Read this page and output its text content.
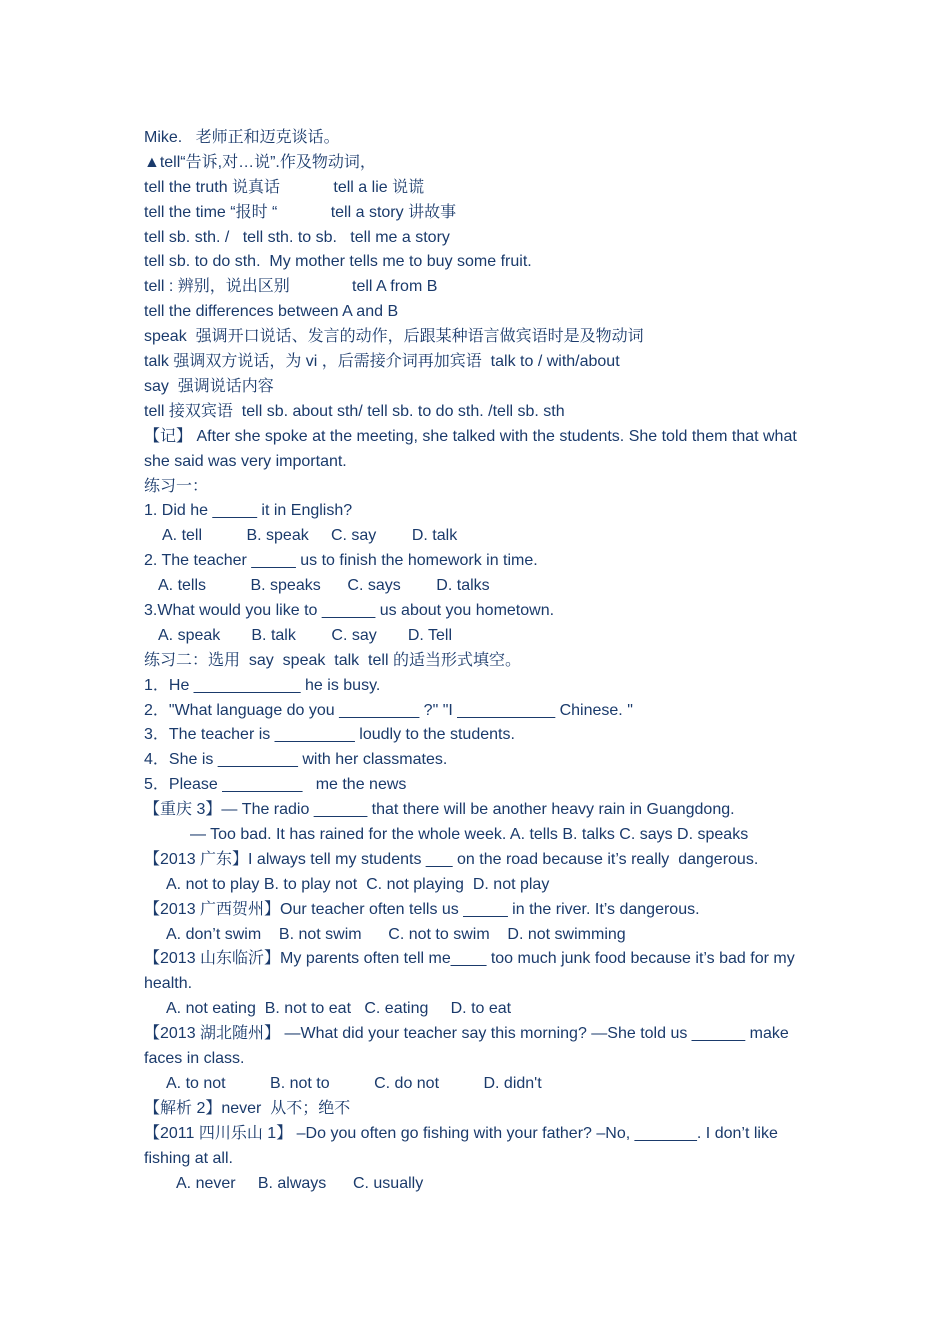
Mike.   老师正和迈克谈话。
▲tell“告诉,对…说”.作及物动词，
tell the truth 说真话            tell a lie 说谎
tell the time “报时 “            tell a story 讲故事
tell sb. sth. /   tell sth. to sb.   tell me a story
tell sb. to do sth.  My mother tells me to buy some fruit.
tell : 辨别，说出区别              tell A from B
tell the differences between A and B
speak  强调开口说话、发言的动作，后跟某种语言做宾语时是及物动词
talk 强调双方说话，为 vi ，后需接介词再加宾语  talk to / with/about
say  强调说话内容
tell 接双宾语  tell sb. about sth/ tell sb. to do sth. /tell sb. sth
【记】 After she spoke at the meeting, she talked with the students. She told them that what she said was very important.
练习一：
1. Did he _____ it in English?
A. tell          B. speak     C. say        D. talk
2. The teacher _____ us to finish the homework in time.
A. tells          B. speaks      C. says        D. talks
3.What would you like to ______ us about you hometown.
A. speak       B. talk        C. say       D. Tell
练习二：选用  say  speak  talk  tell 的适当形式填空。
1．He ____________ he is busy.
2．"What language do you _________ ?" "I ___________ Chinese. "
3．The teacher is _________ loudly to the students.
4．She is _________ with her classmates.
5．Please _________   me the news
【重庆 3】— The radio ______ that there will be another heavy rain in Guangdong.
— Too bad. It has rained for the whole week. A. tells B. talks C. says D. speaks
【2013 广东】I always tell my students ___ on the road because it’s really  dangerous.
A. not to play B. to play not  C. not playing  D. not play
【2013 广西贺州】Our teacher often tells us _____ in the river. It’s dangerous.
A. don’t swim    B. not swim      C. not to swim    D. not swimming
【2013 山东临沂】My parents often tell me____ too much junk food because it’s bad for my health.
A. not eating  B. not to eat   C. eating     D. to eat
【2013 湖北随州】 —What did your teacher say this morning? —She told us ______ make faces in class.
A. to not          B. not to          C. do not          D. didn't
【解析 2】never  从不；绝不
【2011 四川乐山 1】 –Do you often go fishing with your father? –No, _______. I don’t like fishing at all.
A. never     B. always      C. usually
